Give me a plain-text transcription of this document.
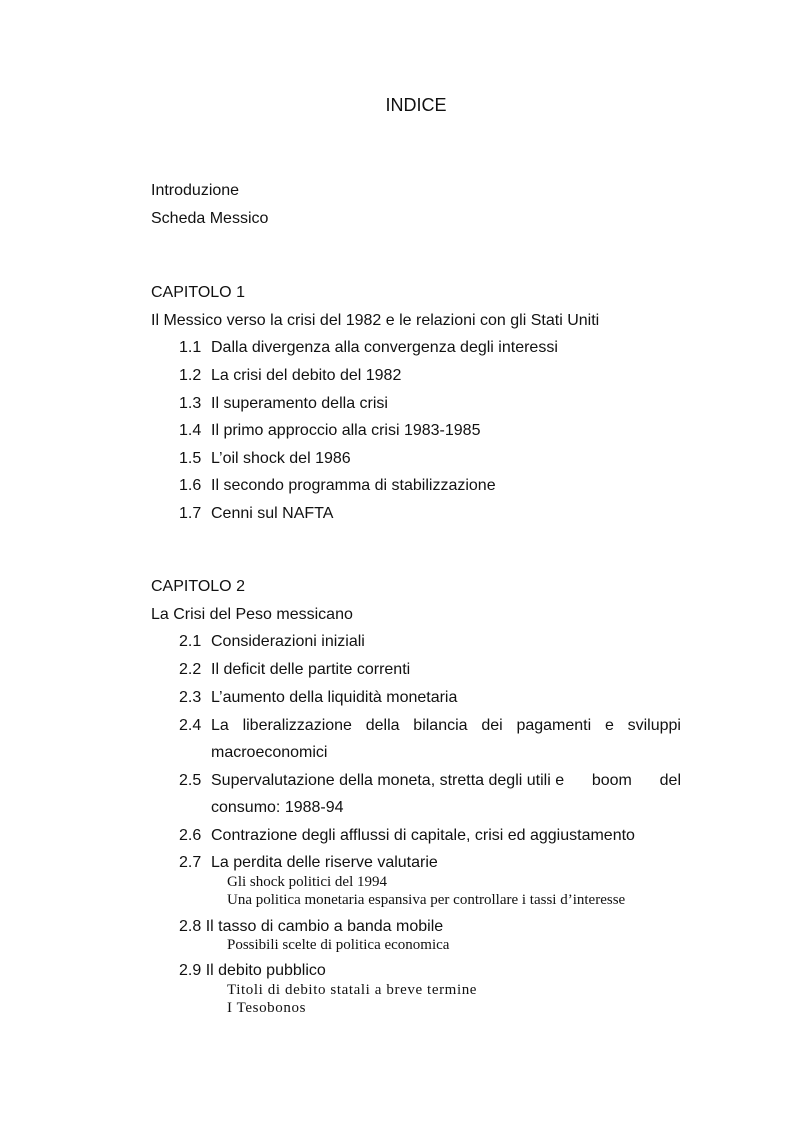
INDICE
Introduzione
Scheda Messico
CAPITOLO 1
Il Messico verso la crisi del 1982 e le relazioni con gli Stati Uniti
1.1 Dalla divergenza alla convergenza degli interessi
1.2 La crisi del debito del 1982
1.3 Il superamento della crisi
1.4 Il primo approccio alla crisi 1983-1985
1.5 L’oil shock del 1986
1.6 Il secondo programma di stabilizzazione
1.7 Cenni sul NAFTA
CAPITOLO 2
La Crisi del Peso messicano
2.1 Considerazioni iniziali
2.2 Il deficit delle partite correnti
2.3 L’aumento della liquidità monetaria
2.4 La liberalizzazione della bilancia dei pagamenti e sviluppi
macroeconomici
2.5 Supervalutazione della moneta, stretta degli utili e boom del
consumo: 1988-94
2.6 Contrazione degli afflussi di capitale, crisi ed aggiustamento
2.7 La perdita delle riserve valutarie
Gli shock politici del 1994
Una politica monetaria espansiva per controllare i tassi d’interesse
2.8 Il tasso di cambio a banda mobile
Possibili scelte di politica economica
2.9 Il debito pubblico
Titoli di debito statali a breve termine
I Tesobonos
